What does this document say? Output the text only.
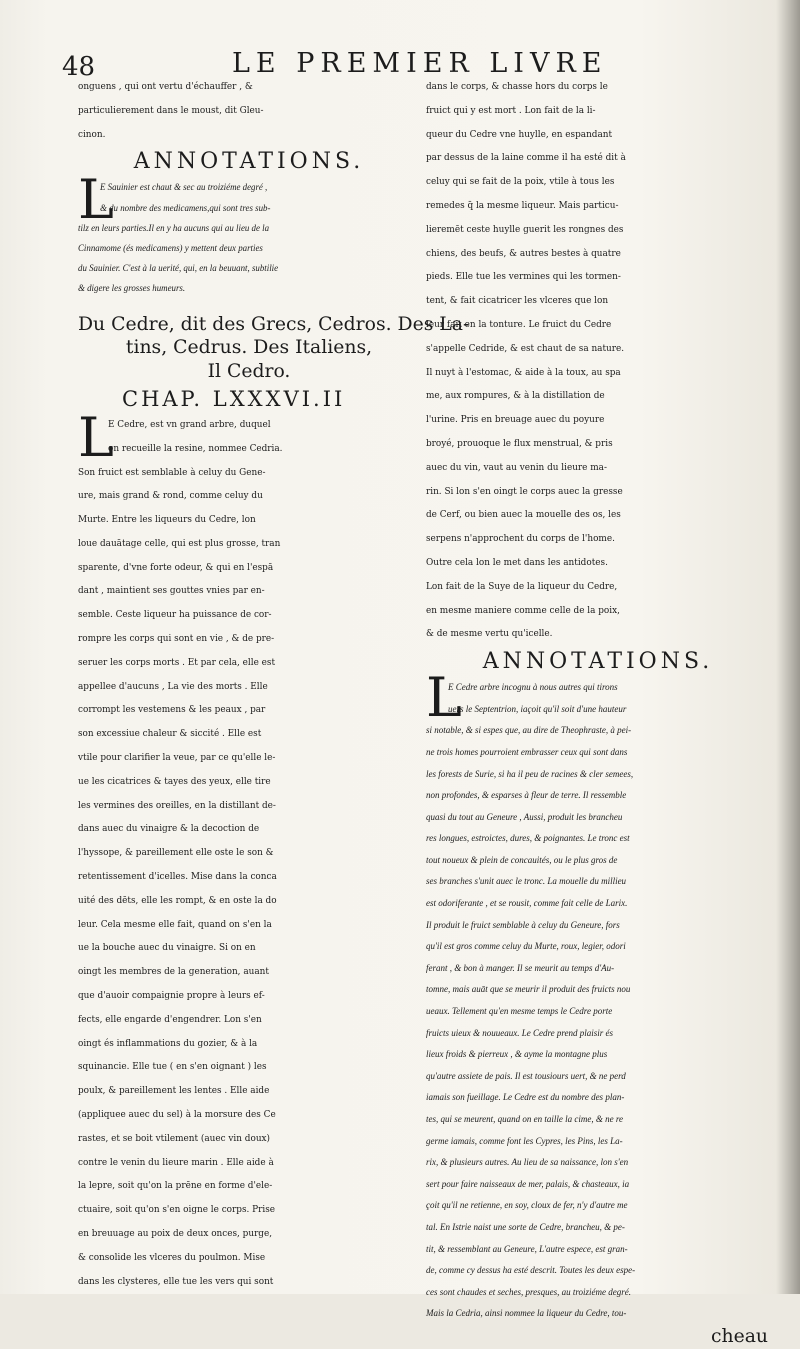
48	LE PREMIER LIVRE
onguens , qui ont vertu d'échauffer , &
particulierement dans le moust, dit Gleu-
cinon.
ANNOTATIONS.
L
E Sauinier est chaut & sec au troiziéme degré ,
& du nombre des medicamens,qui sont tres sub-
tilz en leurs parties.Il en y ha aucuns qui au lieu de la
Cinnamome (és medicamens) y mettent deux parties
du Sauinier. C'est à la uerité, qui, en la beuuant, subtilie
& digere les grosses humeurs.
Du Cedre, dit des Grecs, Cedros. Des La-
tins, Cedrus. Des Italiens,
Il Cedro.
CHAP. LXXXVI.II
L
E Cedre, est vn grand arbre, duquel
on recueille la resine, nommee Cedria.
Son fruict est semblable à celuy du Gene-
ure, mais grand & rond, comme celuy du
Murte. Entre les liqueurs du Cedre, lon
loue dauātage celle, qui est plus grosse, tran
sparente, d'vne forte odeur, & qui en l'espā
dant , maintient ses gouttes vnies par en-
semble. Ceste liqueur ha puissance de cor-
rompre les corps qui sont en vie , & de pre-
seruer les corps morts . Et par cela, elle est
appellee d'aucuns , La vie des morts . Elle
corrompt les vestemens & les peaux , par
son excessiue chaleur & siccité . Elle est
vtile pour clarifier la veue, par ce qu'elle le-
ue les cicatrices & tayes des yeux, elle tire
les vermines des oreilles, en la distillant de-
dans auec du vinaigre & la decoction de
l'hyssope, & pareillement elle oste le son &
retentissement d'icelles. Mise dans la conca
uité des dēts, elle les rompt, & en oste la do
leur. Cela mesme elle fait, quand on s'en la
ue la bouche auec du vinaigre. Si on en
oingt les membres de la generation, auant
que d'auoir compaignie propre à leurs ef-
fects, elle engarde d'engendrer. Lon s'en
oingt és inflammations du gozier, & à la
squinancie. Elle tue ( en s'en oignant ) les
poulx, & pareillement les lentes . Elle aide
(appliquee auec du sel) à la morsure des Ce
rastes, et se boit vtilement (auec vin doux)
contre le venin du lieure marin . Elle aide à
la lepre, soit qu'on la prēne en forme d'ele-
ctuaire, soit qu'on s'en oigne le corps. Prise
en breuuage au poix de deux onces, purge,
& consolide les vlceres du poulmon. Mise
dans les clysteres, elle tue les vers qui sont
dans le corps, & chasse hors du corps le
fruict qui y est mort . Lon fait de la li-
queur du Cedre vne huylle, en espandant
par dessus de la laine comme il ha esté dit à
celuy qui se fait de la poix, vtile à tous les
remedes q̄ la mesme liqueur. Mais particu-
lieremēt ceste huylle guerit les rongnes des
chiens, des beufs, & autres bestes à quatre
pieds. Elle tue les vermines qui les tormen-
tent, & fait cicatricer les vlceres que lon
leur fait en la tonture. Le fruict du Cedre
s'appelle Cedride, & est chaut de sa nature.
Il nuyt à l'estomac, & aide à la toux, au spa
me, aux rompures, & à la distillation de
l'urine. Pris en breuage auec du poyure
broyé, prouoque le flux menstrual, & pris
auec du vin, vaut au venin du lieure ma-
rin. Si lon s'en oingt le corps auec la gresse
de Cerf, ou bien auec la mouelle des os, les
serpens n'approchent du corps de l'home.
Outre cela lon le met dans les antidotes.
Lon fait de la Suye de la liqueur du Cedre,
en mesme maniere comme celle de la poix,
& de mesme vertu qu'icelle.
ANNOTATIONS.
L
E Cedre arbre incognu à nous autres qui tirons
uers le Septentrion, iaçoit qu'il soit d'une hauteur
si notable, & si espes que, au dire de Theophraste, à pei-
ne trois homes pourroient embrasser ceux qui sont dans
les forests de Surie, si ha il peu de racines & cler semees,
non profondes, & esparses à fleur de terre. Il ressemble
quasi du tout au Geneure , Aussi, produit les brancheu
res longues, estroictes, dures, & poignantes. Le tronc est
tout noueux & plein de concauités, ou le plus gros de
ses branches s'unit auec le tronc. La mouelle du millieu
est odoriferante , et se rousit, comme fait celle de Larix.
Il produit le fruict semblable à celuy du Geneure, fors
qu'il est gros comme celuy du Murte, roux, legier, odori
ferant , & bon à manger. Il se meurit au temps d'Au-
tomne, mais auāt que se meurir il produit des fruicts nou
ueaux. Tellement qu'en mesme temps le Cedre porte
fruicts uieux & nouueaux. Le Cedre prend plaisir és
lieux froids & pierreux , & ayme la montagne plus
qu'autre assiete de pais. Il est tousiours uert, & ne perd
iamais son fueillage. Le Cedre est du nombre des plan-
tes, qui se meurent, quand on en taille la cime, & ne re
germe iamais, comme font les Cypres, les Pins, les La-
rix, & plusieurs autres. Au lieu de sa naissance, lon s'en
sert pour faire naisseaux de mer, palais, & chasteaux, ia
çoit qu'il ne retienne, en soy, cloux de fer, n'y d'autre me
tal. En Istrie naist une sorte de Cedre, brancheu, & pe-
tit, & ressemblant au Geneure, L'autre espece, est gran-
de, comme cy dessus ha esté descrit. Toutes les deux espe-
ces sont chaudes et seches, presques, au troiziéme degré.
Mais la Cedria, ainsi nommee la liqueur du Cedre, tou-
cheau
